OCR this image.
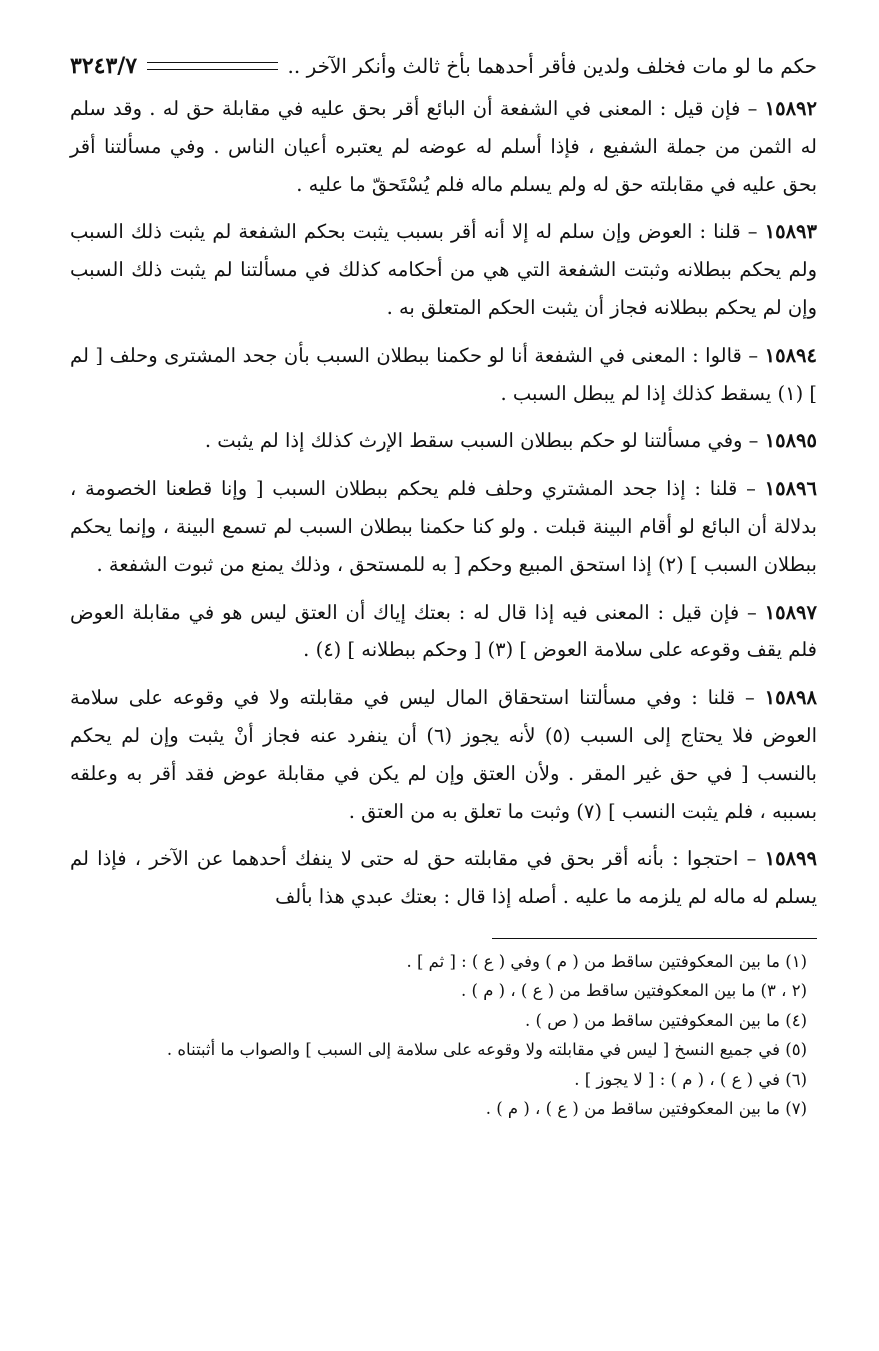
حكم ما لو مات فخلف ولدين فأقر أحدهما بأخ ثالث وأنكر الآخر ..
٣٢٤٣/٧

١٥٨٩٢ – فإن قيل : المعنى في الشفعة أن البائع أقر بحق عليه في مقابلة حق له . وقد سلم له الثمن من جملة الشفيع ، فإذا أسلم له عوضه لم يعتبره أعيان الناس . وفي مسألتنا أقر بحق عليه في مقابلته حق له ولم يسلم ماله فلم يُسْتَحقّ ما عليه .

١٥٨٩٣ – قلنا : العوض وإن سلم له إلا أنه أقر بسبب يثبت بحكم الشفعة لم يثبت ذلك السبب ولم يحكم ببطلانه وثبتت الشفعة التي هي من أحكامه كذلك في مسألتنا لم يثبت ذلك السبب وإن لم يحكم ببطلانه فجاز أن يثبت الحكم المتعلق به .

١٥٨٩٤ – قالوا : المعنى في الشفعة أنا لو حكمنا ببطلان السبب بأن جحد المشترى وحلف [ لم ] (١) يسقط كذلك إذا لم يبطل السبب .

١٥٨٩٥ – وفي مسألتنا لو حكم ببطلان السبب سقط الإرث كذلك إذا لم يثبت .

١٥٨٩٦ – قلنا : إذا جحد المشتري وحلف فلم يحكم ببطلان السبب [ وإنا قطعنا الخصومة ، بدلالة أن البائع لو أقام البينة قبلت . ولو كنا حكمنا ببطلان السبب لم تسمع البينة ، وإنما يحكم ببطلان السبب ] (٢) إذا استحق المبيع وحكم [ به للمستحق ، وذلك يمنع من ثبوت الشفعة .

١٥٨٩٧ – فإن قيل : المعنى فيه إذا قال له : بعتك إياك أن العتق ليس هو في مقابلة العوض فلم يقف وقوعه على سلامة العوض ] (٣) [ وحكم ببطلانه ] (٤) .

١٥٨٩٨ – قلنا : وفي مسألتنا استحقاق المال ليس في مقابلته ولا في وقوعه على سلامة العوض فلا يحتاج إلى السبب (٥) لأنه يجوز (٦) أن ينفرد عنه فجاز أنْ يثبت وإن لم يحكم بالنسب [ في حق غير المقر . ولأن العتق وإن لم يكن في مقابلة عوض فقد أقر به وعلقه بسببه ، فلم يثبت النسب ] (٧) وثبت ما تعلق به من العتق .

١٥٨٩٩ – احتجوا : بأنه أقر بحق في مقابلته حق له حتى لا ينفك أحدهما عن الآخر ، فإذا لم يسلم له ماله لم يلزمه ما عليه . أصله إذا قال : بعتك عبدي هذا بألف

(١) ما بين المعكوفتين ساقط من ( م ) وفي ( ع ) : [ ثم ] .

(٢ ، ٣) ما بين المعكوفتين ساقط من ( ع ) ، ( م ) .

(٤) ما بين المعكوفتين ساقط من ( ص ) .

(٥) في جميع النسخ [ ليس في مقابلته ولا وقوعه على سلامة إلى السبب ] والصواب ما أثبتناه .

(٦) في ( ع ) ، ( م ) : [ لا يجوز ] .

(٧) ما بين المعكوفتين ساقط من ( ع ) ، ( م ) .
